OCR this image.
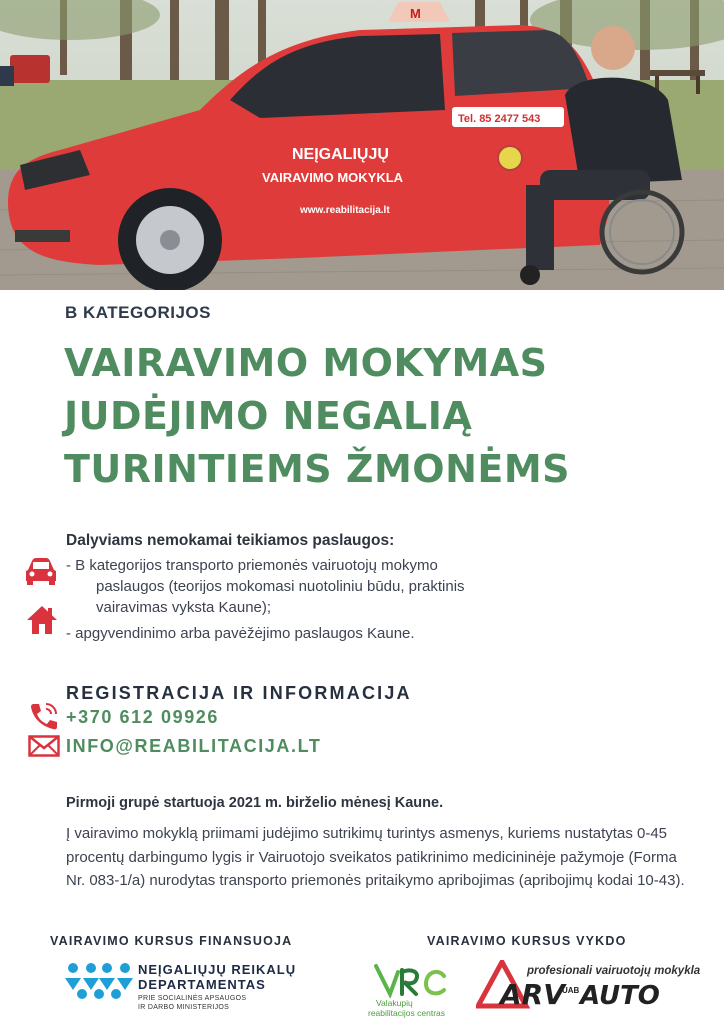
NEĮGALIŲJŲ
VAIRAVIMO MOKYKLA
www.reabilitacija.lt
Tel. 85 2477 543
M
B KATEGORIJOS
VAIRAVIMO MOKYMAS
JUDĖJIMO NEGALIĄ
TURINTIEMS ŽMONĖMS
Dalyviams nemokamai teikiamos paslaugos:
- B kategorijos transporto priemonės vairuotojų mokymo
paslaugos (teorijos mokomasi nuotoliniu būdu, praktinis
vairavimas vyksta Kaune);
- apgyvendinimo arba pavėžėjimo paslaugos Kaune.
REGISTRACIJA IR INFORMACIJA
+370 612 09926
INFO@REABILITACIJA.LT
Pirmoji grupė startuoja 2021 m. birželio mėnesį Kaune.

Į vairavimo mokyklą priimami judėjimo sutrikimų turintys asmenys, kuriems nustatytas 0-45 procentų darbingumo lygis ir Vairuotojo sveikatos patikrinimo medicininėje pažymoje (Forma Nr. 083-1/a) nurodytas transporto priemonės pritaikymo apribojimas (apribojimų kodai 10-43).

VAIRAVIMO KURSUS FINANSUOJA	VAIRAVIMO KURSUS VYKDO
NEĮGALIŲJŲ REIKALŲ
DEPARTAMENTAS
PRIE SOCIALINĖS APSAUGOS
IR DARBO MINISTERIJOS	Valakupių
reabilitacijos centras
profesionali vairuotojų mokykla
ARV
UAB AUTO
